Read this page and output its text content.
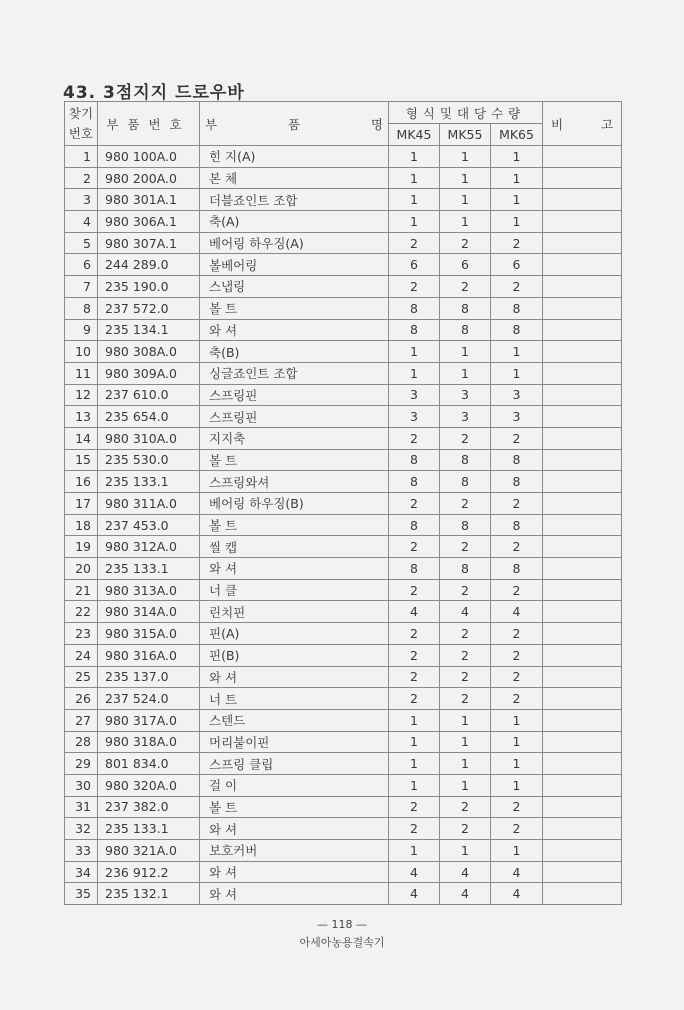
43. 3점지지 드로우바
찾기
번호	부품번호	부 품 명	형식및대당수량			비 고

			MK45	MK55	MK65	
1	980 100A.0	힌 지(A)	1	1	1	
2	980 200A.0	본 체	1	1	1	
3	980 301A.1	더블죠인트 조합	1	1	1	
4	980 306A.1	축(A)	1	1	1	
5	980 307A.1	베어링 하우징(A)	2	2	2	
6	244 289.0	볼베어링	6	6	6	
7	235 190.0	스냅링	2	2	2	
8	237 572.0	볼 트	8	8	8	
9	235 134.1	와 셔	8	8	8	
10	980 308A.0	축(B)	1	1	1	
11	980 309A.0	싱글죠인트 조합	1	1	1	
12	237 610.0	스프링핀	3	3	3	
13	235 654.0	스프링핀	3	3	3	
14	980 310A.0	지지축	2	2	2	
15	235 530.0	볼 트	8	8	8	
16	235 133.1	스프링와셔	8	8	8	
17	980 311A.0	베어링 하우징(B)	2	2	2	
18	237 453.0	볼 트	8	8	8	
19	980 312A.0	씰 캡	2	2	2	
20	235 133.1	와 셔	8	8	8	
21	980 313A.0	너 클	2	2	2	
22	980 314A.0	린치핀	4	4	4	
23	980 315A.0	핀(A)	2	2	2	
24	980 316A.0	핀(B)	2	2	2	
25	235 137.0	와 셔	2	2	2	
26	237 524.0	너 트	2	2	2	
27	980 317A.0	스텐드	1	1	1	
28	980 318A.0	머리붙이핀	1	1	1	
29	801 834.0	스프링 클립	1	1	1	
30	980 320A.0	걸 이	1	1	1	
31	237 382.0	볼 트	2	2	2	
32	235 133.1	와 셔	2	2	2	
33	980 321A.0	보호커버	1	1	1	
34	236 912.2	와 셔	4	4	4	
35	235 132.1	와 셔	4	4	4	
— 118 —
아세아농용결속기
